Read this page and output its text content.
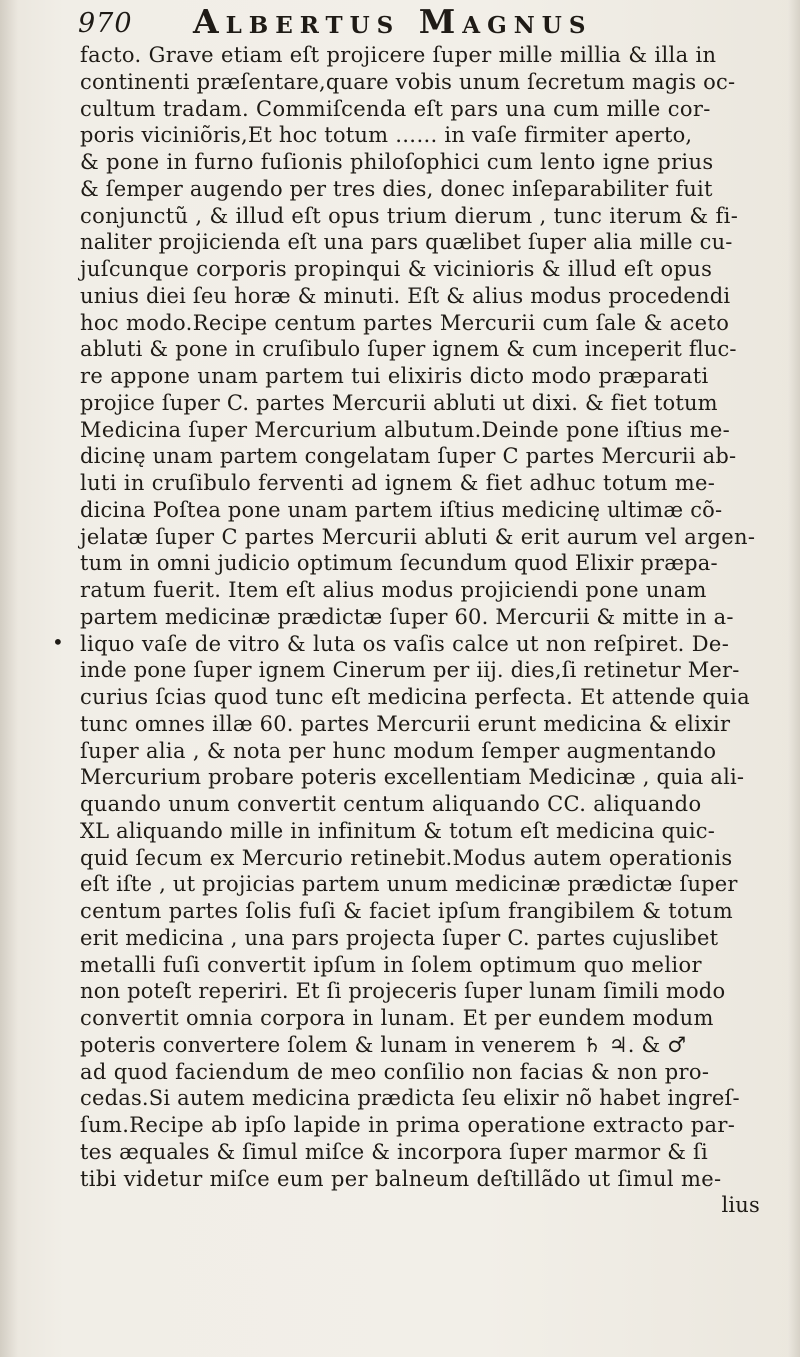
970 Albertus Magnus
•
facto. Grave etiam eſt projicere ſuper mille millia & illa in
continenti præſentare,quare vobis unum ſecretum magis oc-
cultum tradam. Commiſcenda eſt pars una cum mille cor-
poris viciniõris,Et hoc totum …… in vaſe firmiter aperto,
& pone in furno fuſionis philoſophici cum lento igne prius
& ſemper augendo per tres dies, donec inſeparabiliter fuit
conjunctũ , & illud eſt opus trium dierum , tunc iterum & fi-
naliter projicienda eſt una pars quælibet ſuper alia mille cu-
juſcunque corporis propinqui & vicinioris & illud eſt opus
unius diei ſeu horæ & minuti. Eſt & alius modus procedendi
hoc modo.Recipe centum partes Mercurii cum ſale & aceto
abluti & pone in cruſibulo ſuper ignem & cum inceperit fluc-
re appone unam partem tui elixiris dicto modo præparati
projice ſuper C. partes Mercurii abluti ut dixi. & fiet totum
Medicina ſuper Mercurium albutum.Deinde pone iſtius me-
dicinę unam partem congelatam ſuper C partes Mercurii ab-
luti in cruſibulo ferventi ad ignem & fiet adhuc totum me-
dicina Poſtea pone unam partem iſtius medicinę ultimæ cõ-
jelatæ ſuper C partes Mercurii abluti & erit aurum vel argen-
tum in omni judicio optimum ſecundum quod Elixir præpa-
ratum fuerit. Item eſt alius modus projiciendi pone unam
partem medicinæ prædictæ ſuper 60. Mercurii & mitte in a-
liquo vaſe de vitro & luta os vaſis calce ut non reſpiret. De-
inde pone ſuper ignem Cinerum per iij. dies,ſi retinetur Mer-
curius ſcias quod tunc eſt medicina perfecta. Et attende quia
tunc omnes illæ 60. partes Mercurii erunt medicina & elixir
ſuper alia , & nota per hunc modum ſemper augmentando
Mercurium probare poteris excellentiam Medicinæ , quia ali-
quando unum convertit centum aliquando CC. aliquando
XL aliquando mille in infinitum & totum eſt medicina quic-
quid ſecum ex Mercurio retinebit.Modus autem operationis
eſt iſte , ut projicias partem unum medicinæ prædictæ ſuper
centum partes ſolis fuſi & faciet ipſum frangibilem & totum
erit medicina , una pars projecta ſuper C. partes cujuslibet
metalli fuſi convertit ipſum in ſolem optimum quo melior
non poteſt reperiri. Et ſi projeceris ſuper lunam ſimili modo
convertit omnia corpora in lunam. Et per eundem modum
poteris convertere ſolem & lunam in venerem ♄ ♃. & ♂
ad quod faciendum de meo conſilio non facias & non pro-
cedas.Si autem medicina prædicta ſeu elixir nõ habet ingreſ-
ſum.Recipe ab ipſo lapide in prima operatione extracto par-
tes æquales & ſimul miſce & incorpora ſuper marmor & ſi
tibi videtur miſce eum per balneum deſtillãdo ut ſimul me-
lius
